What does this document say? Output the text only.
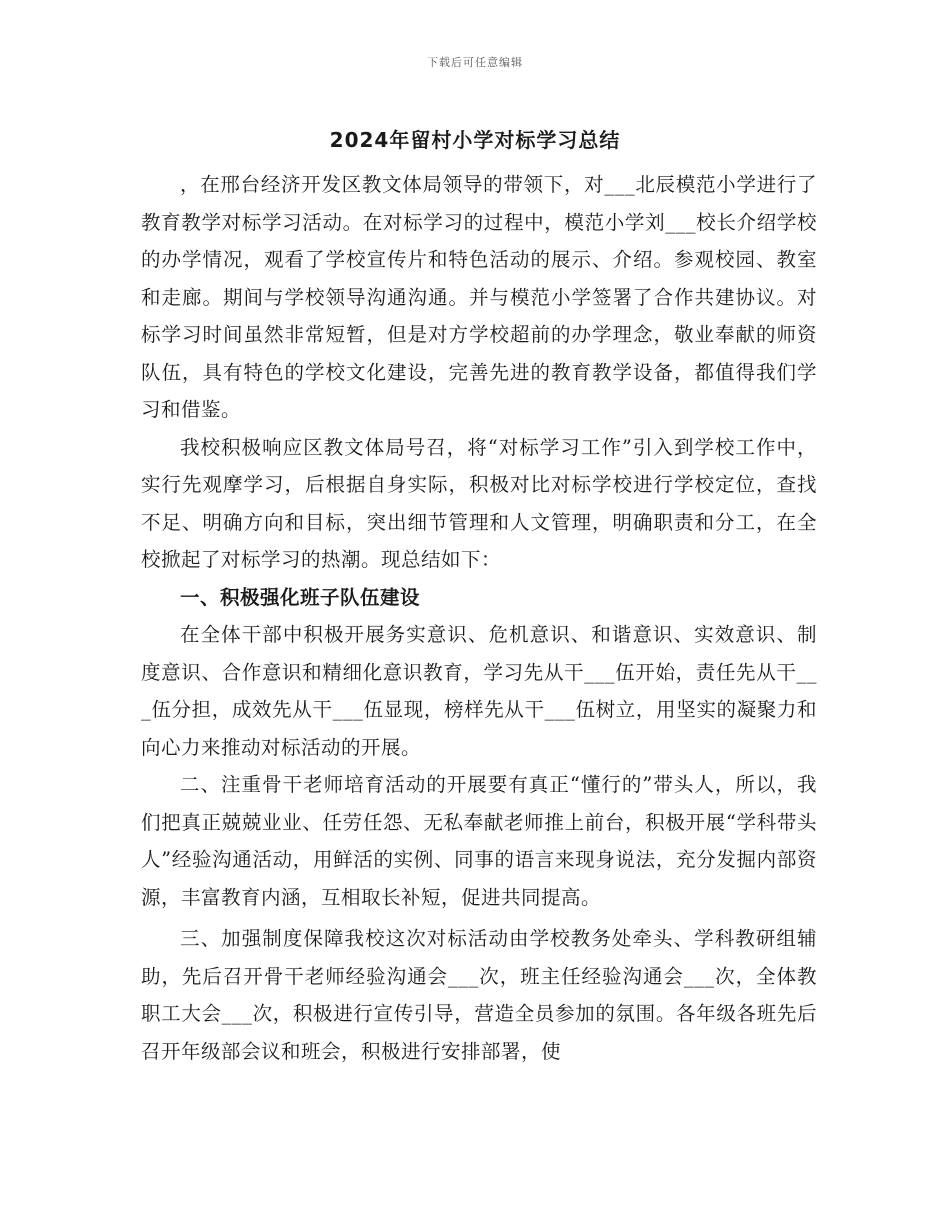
下载后可任意编辑
2024年留村小学对标学习总结

，在邢台经济开发区教文体局领导的带领下，对___北辰模范小学进行了教育教学对标学习活动。在对标学习的过程中，模范小学刘___校长介绍学校的办学情况，观看了学校宣传片和特色活动的展示、介绍。参观校园、教室和走廊。期间与学校领导沟通沟通。并与模范小学签署了合作共建协议。对标学习时间虽然非常短暂，但是对方学校超前的办学理念，敬业奉献的师资队伍，具有特色的学校文化建设，完善先进的教育教学设备，都值得我们学习和借鉴。

我校积极响应区教文体局号召，将“对标学习工作”引入到学校工作中，实行先观摩学习，后根据自身实际，积极对比对标学校进行学校定位，查找不足、明确方向和目标，突出细节管理和人文管理，明确职责和分工，在全校掀起了对标学习的热潮。现总结如下：

一、积极强化班子队伍建设

在全体干部中积极开展务实意识、危机意识、和谐意识、实效意识、制度意识、合作意识和精细化意识教育，学习先从干___伍开始，责任先从干___伍分担，成效先从干___伍显现，榜样先从干___伍树立，用坚实的凝聚力和向心力来推动对标活动的开展。

二、注重骨干老师培育活动的开展要有真正“懂行的”带头人，所以，我们把真正兢兢业业、任劳任怨、无私奉献老师推上前台，积极开展“学科带头人”经验沟通活动，用鲜活的实例、同事的语言来现身说法，充分发掘内部资源，丰富教育内涵，互相取长补短，促进共同提高。

三、加强制度保障我校这次对标活动由学校教务处牵头、学科教研组辅助，先后召开骨干老师经验沟通会___次，班主任经验沟通会___次，全体教职工大会___次，积极进行宣传引导，营造全员参加的氛围。各年级各班先后召开年级部会议和班会，积极进行安排部署，使
